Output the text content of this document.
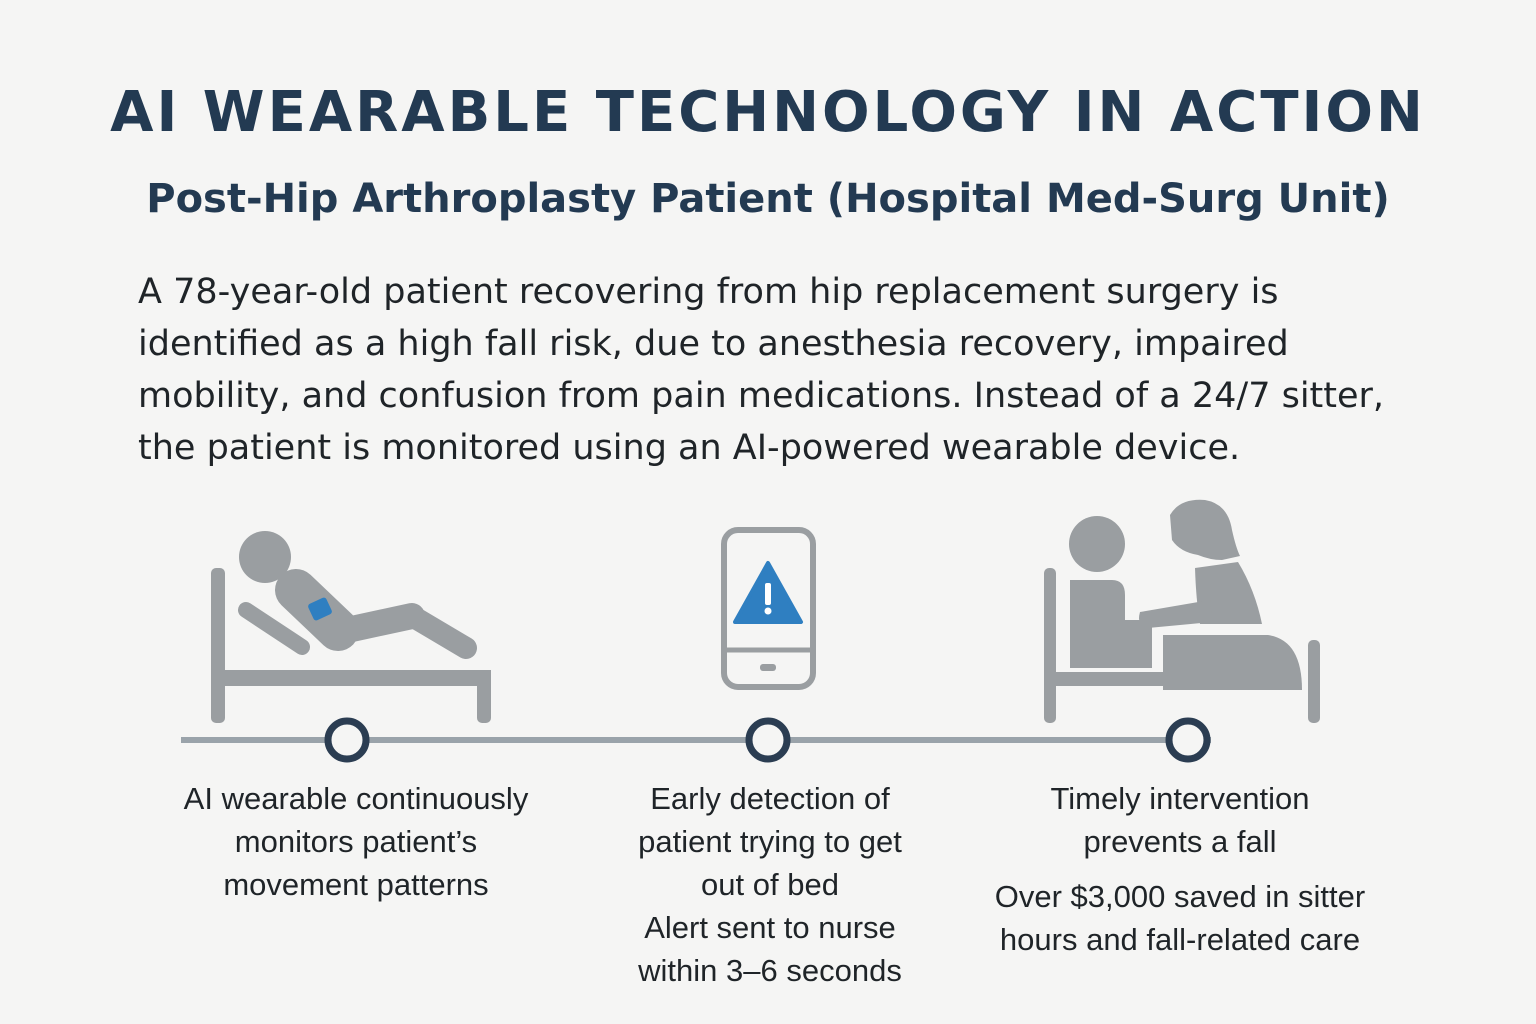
AI WEARABLE TECHNOLOGY IN ACTION
Post-Hip Arthroplasty Patient (Hospital Med-Surg Unit)
A 78-year-old patient recovering from hip replacement surgery is
identified as a high fall risk, due to anesthesia recovery, impaired
mobility, and confusion from pain medications. Instead of a 24/7 sitter,
the patient is monitored using an AI-powered wearable device.
AI wearable continuously
monitors patient’s
movement patterns
Early detection of
patient trying to get
out of bed
Alert sent to nurse
within 3–6 seconds
Timely intervention
prevents a fall
Over $3,000 saved in sitter
hours and fall-related care
